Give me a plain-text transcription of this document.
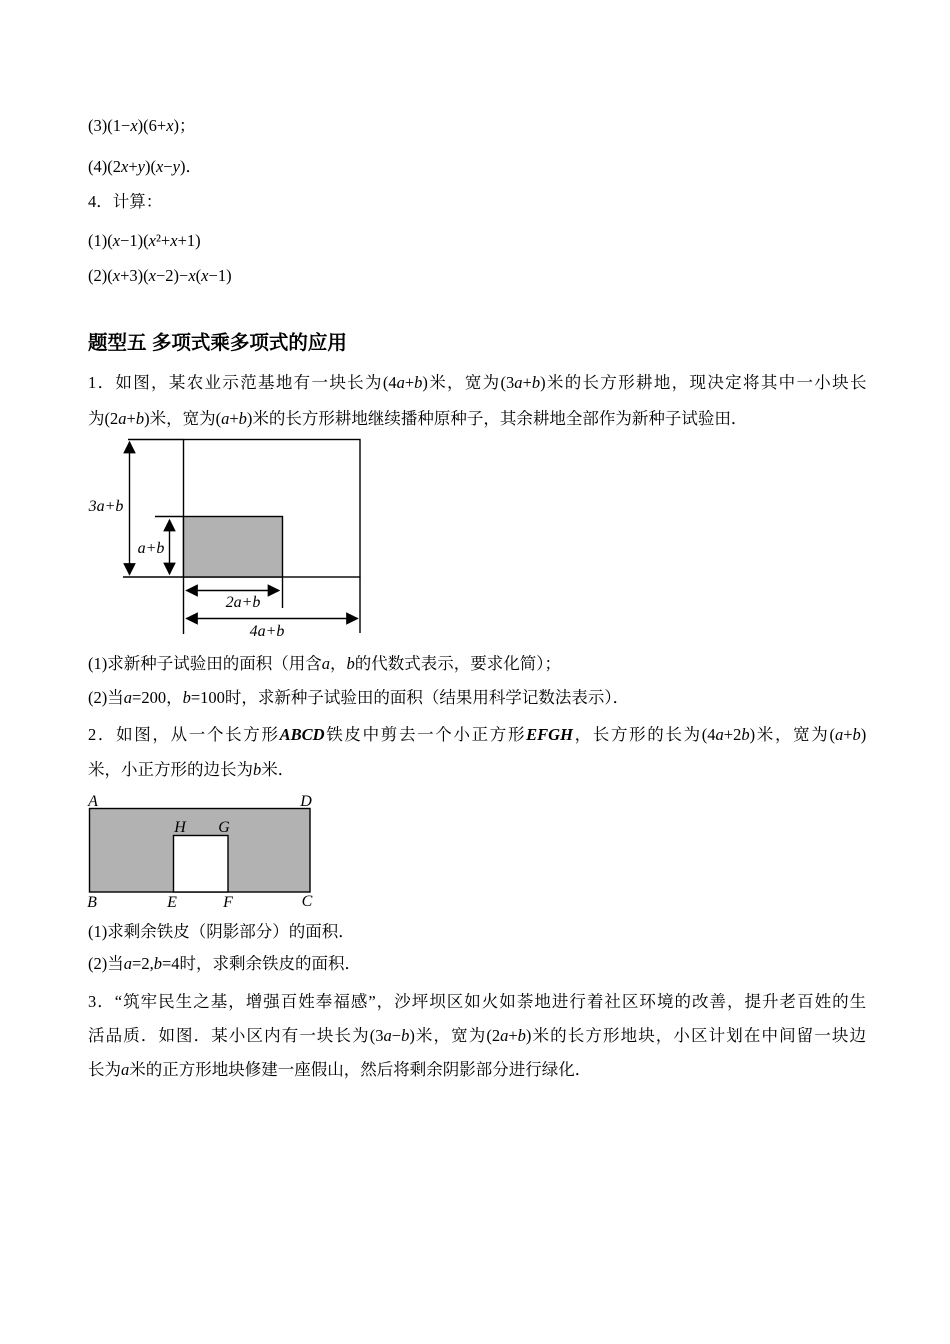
(3)(1−x)(6+x)；
(4)(2x+y)(x−y)．
4．计算：
(1)(x−1)(x²+x+1)
(2)(x+3)(x−2)−x(x−1)
题型五 多项式乘多项式的应用
1．如图，某农业示范基地有一块长为(4a+b)米，宽为(3a+b)米的长方形耕地，现决定将其中一小块长
为(2a+b)米，宽为(a+b)米的长方形耕地继续播种原种子，其余耕地全部作为新种子试验田．
3a+b
a+b
2a+b
4a+b
(1)求新种子试验田的面积（用含a，b的代数式表示，要求化简）；
(2)当a=200，b=100时，求新种子试验田的面积（结果用科学记数法表示）．
2．如图，从一个长方形ABCD铁皮中剪去一个小正方形EFGH，长方形的长为(4a+2b)米，宽为(a+b)
米，小正方形的边长为b米．
A	D
H G
B	E	F	C
(1)求剩余铁皮（阴影部分）的面积．
(2)当a=2,b=4时，求剩余铁皮的面积．
3．“筑牢民生之基，增强百姓奉福感”，沙坪坝区如火如荼地进行着社区环境的改善，提升老百姓的生
活品质．如图．某小区内有一块长为(3a−b)米，宽为(2a+b)米的长方形地块，小区计划在中间留一块边
长为a米的正方形地块修建一座假山，然后将剩余阴影部分进行绿化．
